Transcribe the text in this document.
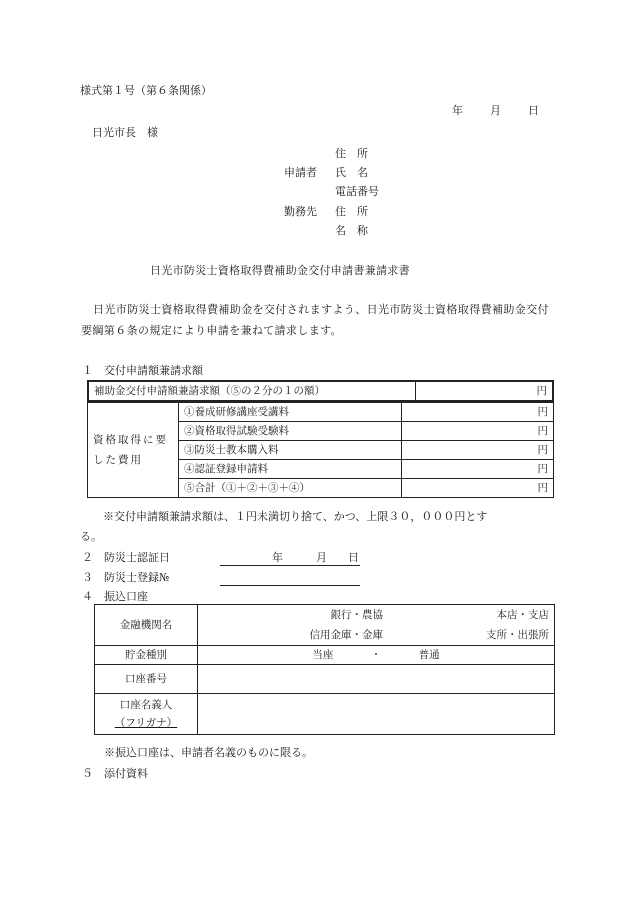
様式第１号（第６条関係）
年 月 日
日光市長　様
住　所
申請者 氏　名
電話番号
勤務先 住　所
名　称
日光市防災士資格取得費補助金交付申請書兼請求書
日光市防災士資格取得費補助金を交付されますよう、日光市防災士資格取得費補助金交付要綱第６条の規定により申請を兼ねて請求します。
１　交付申請額兼請求額
補助金交付申請額兼請求額（⑤の２分の１の額）	円
資格取得に要した費用	①養成研修講座受講料	円
	②資格取得試験受験料	円
	③防災士教本購入料	円
	④認証登録申請料	円
	⑤合計（①＋②＋③＋④）	円
※交付申請額兼請求額は、１円未満切り捨て、かつ、上限３０，０００円とす
る。
２　防災士認証日	年	月 日
３　防災士登録№
４　振込口座
金融機関名	銀行・農協	本店・支店
	信用金庫・金庫	支所・出張所
貯金種別	当座 ・ 普通	
口座番号		

口座名義人
（フリガナ）		

※振込口座は、申請者名義のものに限る。
５　添付資料
